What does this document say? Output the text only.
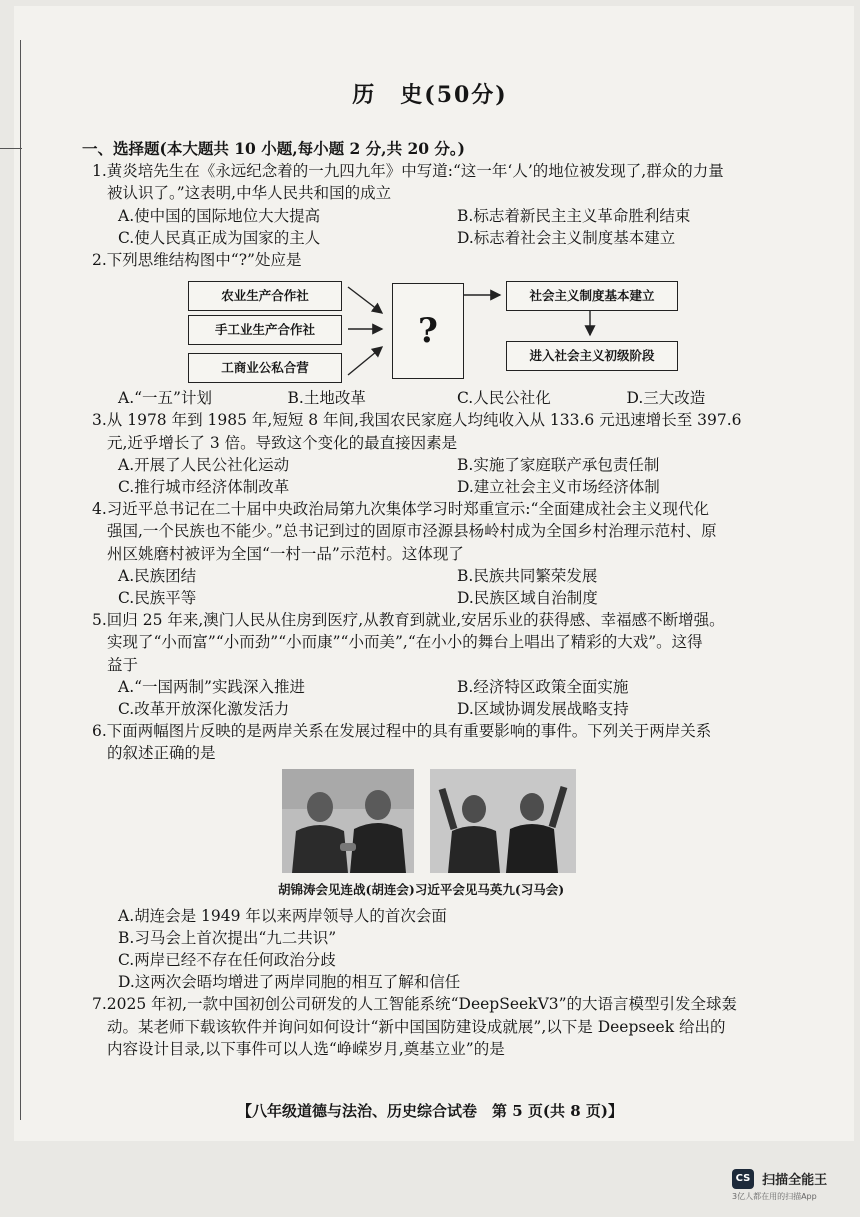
历　史(50分)
一、选择题(本大题共 10 小题,每小题 2 分,共 20 分。)
1.黄炎培先生在《永远纪念着的一九四九年》中写道:“这一年‘人’的地位被发现了,群众的力量
被认识了。”这表明,中华人民共和国的成立
A.使中国的国际地位大大提高	B.标志着新民主主义革命胜利结束
C.使人民真正成为国家的主人	D.标志着社会主义制度基本建立
2.下列思维结构图中“?”处应是
农业生产合作社
手工业生产合作社
工商业公私合营
?
社会主义制度基本建立
进入社会主义初级阶段
A.“一五”计划	B.土地改革	C.人民公社化	D.三大改造
3.从 1978 年到 1985 年,短短 8 年间,我国农民家庭人均纯收入从 133.6 元迅速增长至 397.6
元,近乎增长了 3 倍。导致这个变化的最直接因素是
A.开展了人民公社化运动	B.实施了家庭联产承包责任制
C.推行城市经济体制改革	D.建立社会主义市场经济体制
4.习近平总书记在二十届中央政治局第九次集体学习时郑重宣示:“全面建成社会主义现代化
强国,一个民族也不能少。”总书记到过的固原市泾源县杨岭村成为全国乡村治理示范村、原
州区姚磨村被评为全国“一村一品”示范村。这体现了
A.民族团结	B.民族共同繁荣发展
C.民族平等	D.民族区域自治制度
5.回归 25 年来,澳门人民从住房到医疗,从教育到就业,安居乐业的获得感、幸福感不断增强。
实现了“小而富”“小而劲”“小而康”“小而美”,“在小小的舞台上唱出了精彩的大戏”。这得
益于
A.“一国两制”实践深入推进	B.经济特区政策全面实施
C.改革开放深化激发活力	D.区域协调发展战略支持
6.下面两幅图片反映的是两岸关系在发展过程中的具有重要影响的事件。下列关于两岸关系
的叙述正确的是
胡锦涛会见连战(胡连会)习近平会见马英九(习马会)
A.胡连会是 1949 年以来两岸领导人的首次会面
B.习马会上首次提出“九二共识”
C.两岸已经不存在任何政治分歧
D.这两次会晤均增进了两岸同胞的相互了解和信任
7.2025 年初,一款中国初创公司研发的人工智能系统“DeepSeekV3”的大语言模型引发全球轰
动。某老师下载该软件并询问如何设计“新中国国防建设成就展”,以下是 Deepseek 给出的
内容设计目录,以下事件可以人选“峥嵘岁月,奠基立业”的是
【八年级道德与法治、历史综合试卷　第 5 页(共 8 页)】
CS 扫描全能王
3亿人都在用的扫描App
